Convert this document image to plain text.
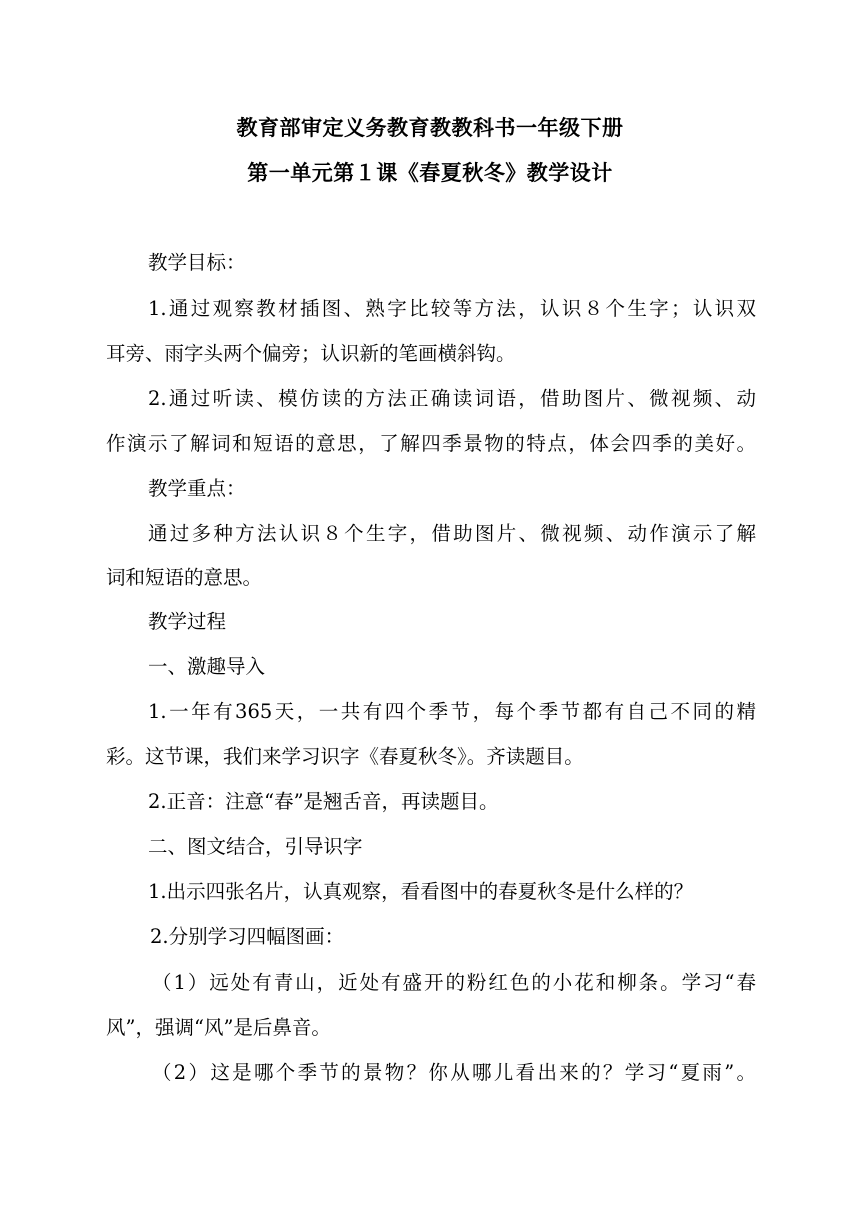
教育部审定义务教育教教科书一年级下册
第一单元第１课《春夏秋冬》教学设计
教学目标：
1.通过观察教材插图、熟字比较等方法，认识８个生字；认识双
耳旁、雨字头两个偏旁；认识新的笔画横斜钩。
2.通过听读、模仿读的方法正确读词语，借助图片、微视频、动
作演示了解词和短语的意思，了解四季景物的特点，体会四季的美好。
教学重点：
通过多种方法认识８个生字，借助图片、微视频、动作演示了解
词和短语的意思。
教学过程
一、激趣导入
1.一年有365天，一共有四个季节，每个季节都有自己不同的精
彩。这节课，我们来学习识字《春夏秋冬》。齐读题目。
2.正音：注意“春”是翘舌音，再读题目。
二、图文结合，引导识字
1.出示四张名片，认真观察，看看图中的春夏秋冬是什么样的？
2.分别学习四幅图画：
（1）远处有青山，近处有盛开的粉红色的小花和柳条。学习“春
风”，强调“风”是后鼻音。
（2）这是哪个季节的景物？你从哪儿看出来的？学习“夏雨”。
